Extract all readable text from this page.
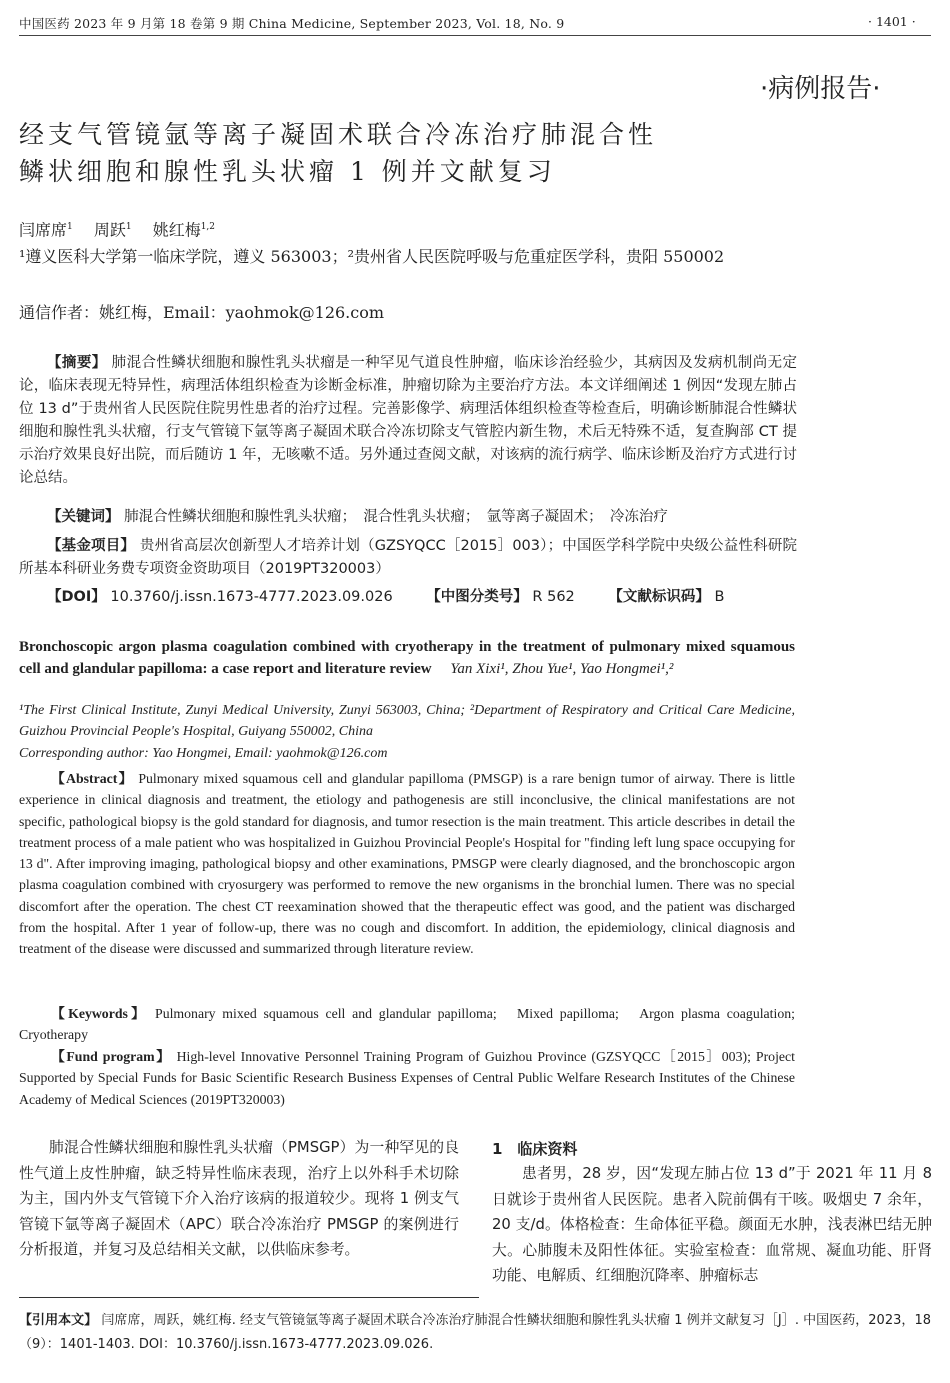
中国医药 2023 年 9 月第 18 卷第 9 期 China Medicine, September 2023, Vol. 18, No. 9	· 1401 ·
·病例报告·
经支气管镜氩等离子凝固术联合冷冻治疗肺混合性
鳞状细胞和腺性乳头状瘤 1 例并文献复习
闫席席$^1$  周跃$^1$  姚红梅$^{1,2}$
¹遵义医科大学第一临床学院，遵义 563003；²贵州省人民医院呼吸与危重症医学科，贵阳 550002
通信作者：姚红梅，Email：yaohmok@126.com
【摘要】 肺混合性鳞状细胞和腺性乳头状瘤是一种罕见气道良性肿瘤，临床诊治经验少，其病因及发病机制尚无定论，临床表现无特异性，病理活体组织检查为诊断金标准，肿瘤切除为主要治疗方法。本文详细阐述 1 例因“发现左肺占位 13 d”于贵州省人民医院住院男性患者的治疗过程。完善影像学、病理活体组织检查等检查后，明确诊断肺混合性鳞状细胞和腺性乳头状瘤，行支气管镜下氩等离子凝固术联合冷冻切除支气管腔内新生物，术后无特殊不适，复查胸部 CT 提示治疗效果良好出院，而后随访 1 年，无咳嗽不适。另外通过查阅文献，对该病的流行病学、临床诊断及治疗方式进行讨论总结。
【关键词】 肺混合性鳞状细胞和腺性乳头状瘤；　混合性乳头状瘤；　氩等离子凝固术；　冷冻治疗
【基金项目】 贵州省高层次创新型人才培养计划（GZSYQCC［2015］003）；中国医学科学院中央级公益性科研院所基本科研业务费专项资金资助项目（2019PT320003）
【DOI】 10.3760/j.issn.1673-4777.2023.09.026   【中图分类号】 R 562   【文献标识码】 B
Bronchoscopic argon plasma coagulation combined with cryotherapy in the treatment of pulmonary mixed squamous cell and glandular papilloma: a case report and literature review  Yan Xixi¹, Zhou Yue¹, Yao Hongmei¹,²
¹The First Clinical Institute, Zunyi Medical University, Zunyi 563003, China; ²Department of Respiratory and Critical Care Medicine, Guizhou Provincial People's Hospital, Guiyang 550002, China
Corresponding author: Yao Hongmei, Email: yaohmok@126.com
【Abstract】 Pulmonary mixed squamous cell and glandular papilloma (PMSGP) is a rare benign tumor of airway. There is little experience in clinical diagnosis and treatment, the etiology and pathogenesis are still inconclusive, the clinical manifestations are not specific, pathological biopsy is the gold standard for diagnosis, and tumor resection is the main treatment. This article describes in detail the treatment process of a male patient who was hospitalized in Guizhou Provincial People's Hospital for "finding left lung space occupying for 13 d". After improving imaging, pathological biopsy and other examinations, PMSGP were clearly diagnosed, and the bronchoscopic argon plasma coagulation combined with cryosurgery was performed to remove the new organisms in the bronchial lumen. There was no special discomfort after the operation. The chest CT reexamination showed that the therapeutic effect was good, and the patient was discharged from the hospital. After 1 year of follow-up, there was no cough and discomfort. In addition, the epidemiology, clinical diagnosis and treatment of the disease were discussed and summarized through literature review.
【Keywords】 Pulmonary mixed squamous cell and glandular papilloma;　Mixed papilloma;　Argon plasma coagulation;　Cryotherapy
【Fund program】 High-level Innovative Personnel Training Program of Guizhou Province (GZSYQCC［2015］003); Project Supported by Special Funds for Basic Scientific Research Business Expenses of Central Public Welfare Research Institutes of the Chinese Academy of Medical Sciences (2019PT320003)
肺混合性鳞状细胞和腺性乳头状瘤（PMSGP）为一种罕见的良性气道上皮性肿瘤，缺乏特异性临床表现，治疗上以外科手术切除为主，国内外支气管镜下介入治疗该病的报道较少。现将 1 例支气管镜下氩等离子凝固术（APC）联合冷冻治疗 PMSGP 的案例进行分析报道，并复习及总结相关文献，以供临床参考。
1　临床资料
患者男，28 岁，因“发现左肺占位 13 d”于 2021 年 11 月 8 日就诊于贵州省人民医院。患者入院前偶有干咳。吸烟史 7 余年，20 支/d。体格检查：生命体征平稳。颜面无水肿，浅表淋巴结无肿大。心肺腹未及阳性体征。实验室检查：血常规、凝血功能、肝肾功能、电解质、红细胞沉降率、肿瘤标志
【引用本文】 闫席席，周跃，姚红梅. 经支气管镜氩等离子凝固术联合冷冻治疗肺混合性鳞状细胞和腺性乳头状瘤 1 例并文献复习［J］. 中国医药，2023，18（9）：1401-1403. DOI：10.3760/j.issn.1673-4777.2023.09.026.
